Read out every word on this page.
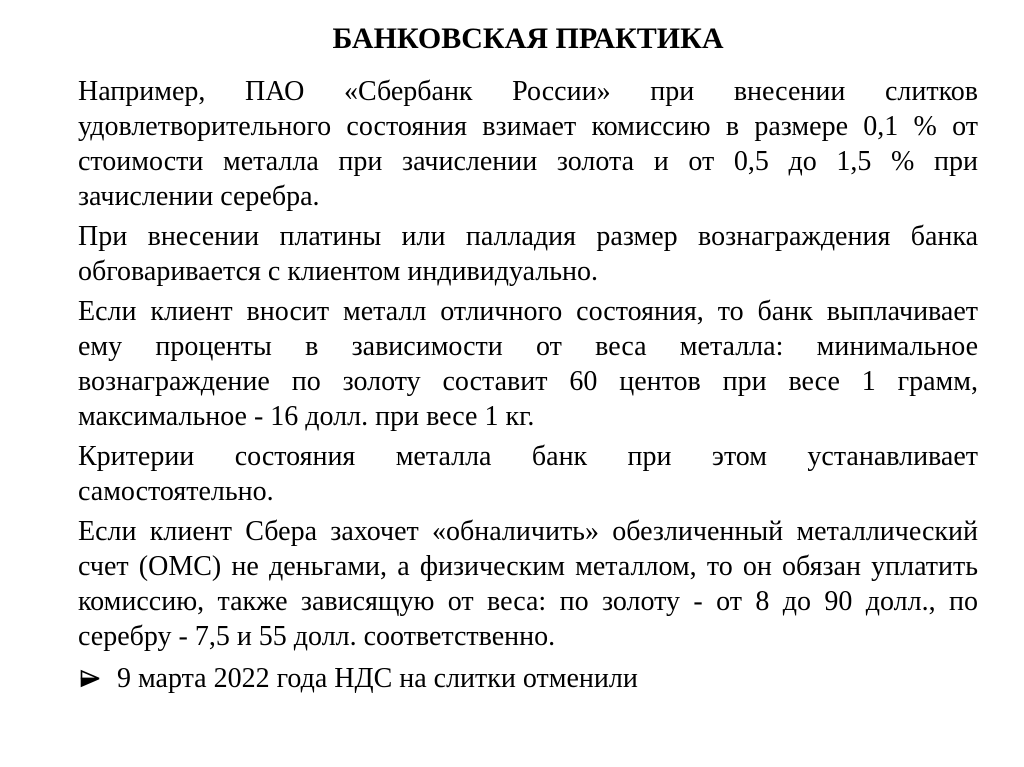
БАНКОВСКАЯ ПРАКТИКА
Например, ПАО «Сбербанк России» при внесении слитков
удовлетворительного состояния взимает комиссию в размере 0,1 % от
стоимости металла при зачислении золота и от 0,5 до 1,5 % при
зачислении серебра.
При внесении платины или палладия размер вознаграждения банка
обговаривается с клиентом индивидуально.
Если клиент вносит металл отличного состояния, то банк выплачивает
ему проценты в зависимости от веса металла: минимальное
вознаграждение по золоту составит 60 центов при весе 1 грамм,
максимальное - 16 долл. при весе 1 кг.
Критерии состояния металла банк при этом устанавливает
самостоятельно.
Если клиент Сбера захочет «обналичить» обезличенный металлический
счет (ОМС) не деньгами, а физическим металлом, то он обязан уплатить
комиссию, также зависящую от веса: по золоту - от 8 до 90 долл., по
серебру - 7,5 и 55 долл. соответственно.
9 марта 2022 года НДС на слитки отменили
